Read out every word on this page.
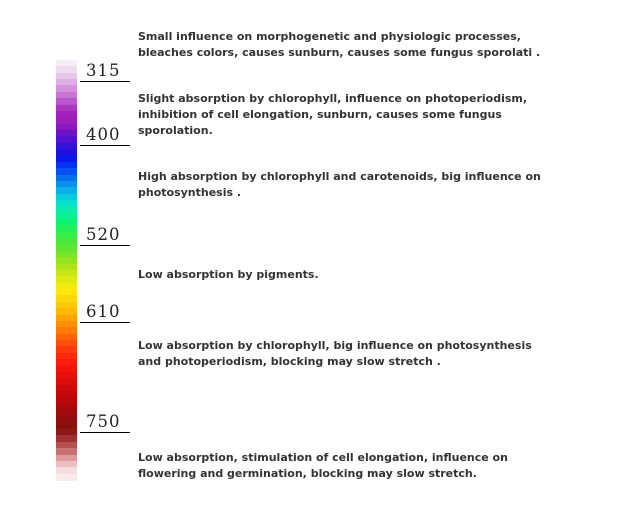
315
400
520
610
750
Small influence on morphogenetic and physiologic processes, bleaches colors, causes sunburn, causes some fungus sporolati .
Slight absorption by chlorophyll, influence on photoperiodism, inhibition of cell elongation, sunburn, causes some fungus sporolation.
High absorption by chlorophyll and carotenoids, big influence on photosynthesis .
Low absorption by pigments.
Low absorption by chlorophyll, big influence on photosynthesis and photoperiodism, blocking may slow stretch .
Low absorption, stimulation of cell elongation, influence on flowering and germination, blocking may slow stretch.
